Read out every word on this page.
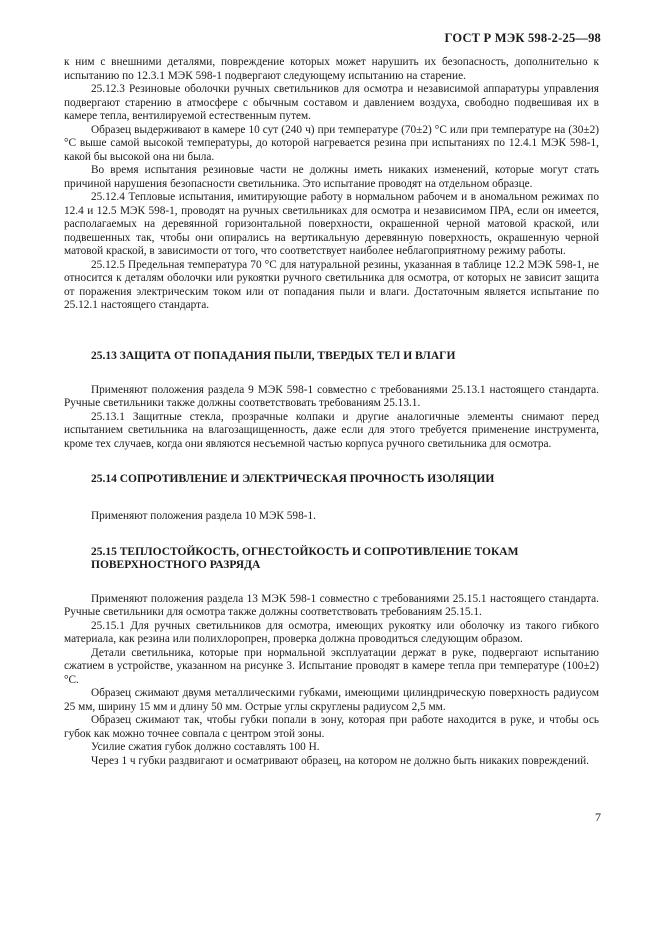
ГОСТ Р МЭК 598-2-25—98

к ним с внешними деталями, повреждение которых может нарушить их безопасность, дополнительно к испытанию по 12.3.1 МЭК 598-1 подвергают следующему испытанию на старение.

25.12.3 Резиновые оболочки ручных светильников для осмотра и независимой аппаратуры управления подвергают старению в атмосфере с обычным составом и давлением воздуха, свободно подвешивая их в камере тепла, вентилируемой естественным путем.

Образец выдерживают в камере 10 сут (240 ч) при температуре (70±2) °С или при температуре на (30±2) °С выше самой высокой температуры, до которой нагревается резина при испытаниях по 12.4.1 МЭК 598-1, какой бы высокой она ни была.

Во время испытания резиновые части не должны иметь никаких изменений, которые могут стать причиной нарушения безопасности светильника. Это испытание проводят на отдельном образце.

25.12.4 Тепловые испытания, имитирующие работу в нормальном рабочем и в аномальном режимах по 12.4 и 12.5 МЭК 598-1, проводят на ручных светильниках для осмотра и независимом ПРА, если он имеется, располагаемых на деревянной горизонтальной поверхности, окрашенной черной матовой краской, или подвешенных так, чтобы они опирались на вертикальную деревянную поверхность, окрашенную черной матовой краской, в зависимости от того, что соответствует наиболее неблагоприятному режиму работы.

25.12.5 Предельная температура 70 °С для натуральной резины, указанная в таблице 12.2 МЭК 598-1, не относится к деталям оболочки или рукоятки ручного светильника для осмотра, от которых не зависит защита от поражения электрическим током или от попадания пыли и влаги. Достаточным является испытание по 25.12.1 настоящего стандарта.

25.13 ЗАЩИТА ОТ ПОПАДАНИЯ ПЫЛИ, ТВЕРДЫХ ТЕЛ И ВЛАГИ

Применяют положения раздела 9 МЭК 598-1 совместно с требованиями 25.13.1 настоящего стандарта. Ручные светильники также должны соответствовать требованиям 25.13.1.

25.13.1 Защитные стекла, прозрачные колпаки и другие аналогичные элементы снимают перед испытанием светильника на влагозащищенность, даже если для этого требуется применение инструмента, кроме тех случаев, когда они являются несъемной частью корпуса ручного светильника для осмотра.

25.14 СОПРОТИВЛЕНИЕ И ЭЛЕКТРИЧЕСКАЯ ПРОЧНОСТЬ ИЗОЛЯЦИИ

Применяют положения раздела 10 МЭК 598-1.

25.15 ТЕПЛОСТОЙКОСТЬ, ОГНЕСТОЙКОСТЬ И СОПРОТИВЛЕНИЕ ТОКАМ ПОВЕРХНОСТНОГО РАЗРЯДА

Применяют положения раздела 13 МЭК 598-1 совместно с требованиями 25.15.1 настоящего стандарта. Ручные светильники для осмотра также должны соответствовать требованиям 25.15.1.

25.15.1 Для ручных светильников для осмотра, имеющих рукоятку или оболочку из такого гибкого материала, как резина или полихлоропрен, проверка должна проводиться следующим образом.

Детали светильника, которые при нормальной эксплуатации держат в руке, подвергают испытанию сжатием в устройстве, указанном на рисунке 3. Испытание проводят в камере тепла при температуре (100±2) °С.

Образец сжимают двумя металлическими губками, имеющими цилиндрическую поверхность радиусом 25 мм, ширину 15 мм и длину 50 мм. Острые углы скруглены радиусом 2,5 мм.

Образец сжимают так, чтобы губки попали в зону, которая при работе находится в руке, и чтобы ось губок как можно точнее совпала с центром этой зоны.

Усилие сжатия губок должно составлять 100 Н.

Через 1 ч губки раздвигают и осматривают образец, на котором не должно быть никаких повреждений.

7
